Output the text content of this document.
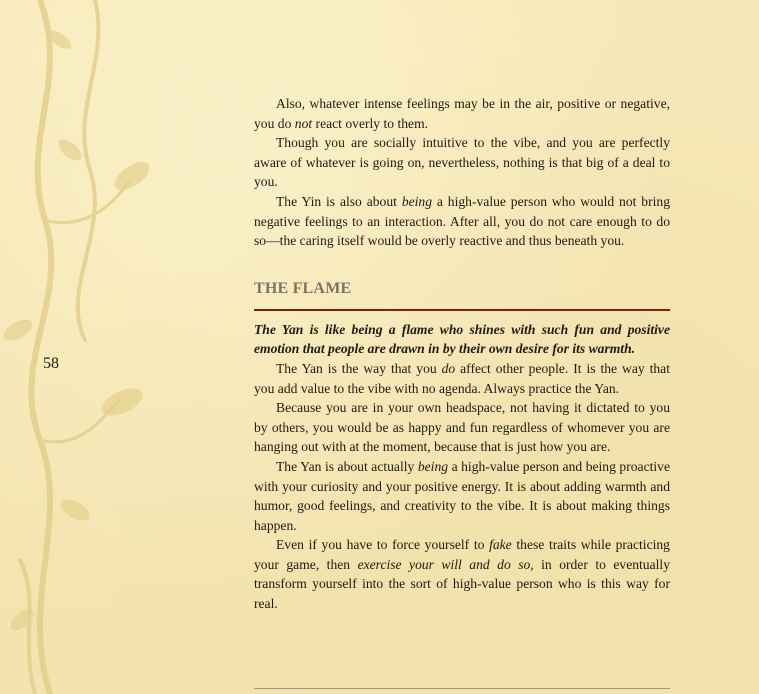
58

Also, whatever intense feelings may be in the air, positive or negative, you do not react overly to them.

Though you are socially intuitive to the vibe, and you are perfectly aware of whatever is going on, nevertheless, nothing is that big of a deal to you.

The Yin is also about being a high-value person who would not bring negative feelings to an interaction. After all, you do not care enough to do so—the caring itself would be overly reactive and thus beneath you.

THE FLAME

The Yan is like being a flame who shines with such fun and positive emotion that people are drawn in by their own desire for its warmth.

The Yan is the way that you do affect other people. It is the way that you add value to the vibe with no agenda. Always practice the Yan.

Because you are in your own headspace, not having it dictated to you by others, you would be as happy and fun regardless of whomever you are hanging out with at the moment, because that is just how you are.

The Yan is about actually being a high-value person and being proactive with your curiosity and your positive energy. It is about adding warmth and humor, good feelings, and creativity to the vibe. It is about making things happen.

Even if you have to force yourself to fake these traits while practicing your game, then exercise your will and do so, in order to eventually transform yourself into the sort of high-value person who is this way for real.
